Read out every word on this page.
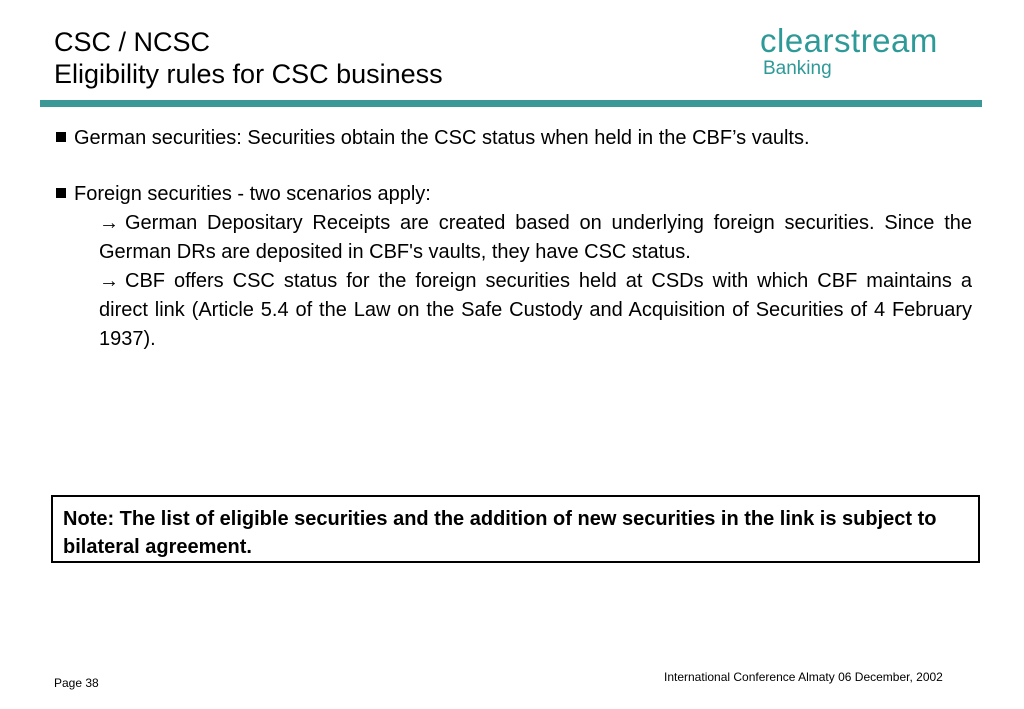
CSC / NCSC
Eligibility rules for CSC business
clearstream
Banking
German securities: Securities obtain the CSC status when held in the CBF’s vaults.
Foreign securities - two scenarios apply:
→ German Depositary Receipts are created based on underlying foreign securities. Since the German DRs are deposited in CBF's vaults, they have CSC status.
→ CBF offers CSC status for the foreign securities held at CSDs with which CBF maintains a direct link (Article 5.4 of the Law on the Safe Custody and Acquisition of Securities of 4 February 1937).
Note: The list of eligible securities and the addition of new securities in the link is subject to bilateral agreement.
Page 38	International Conference Almaty 06 December, 2002
